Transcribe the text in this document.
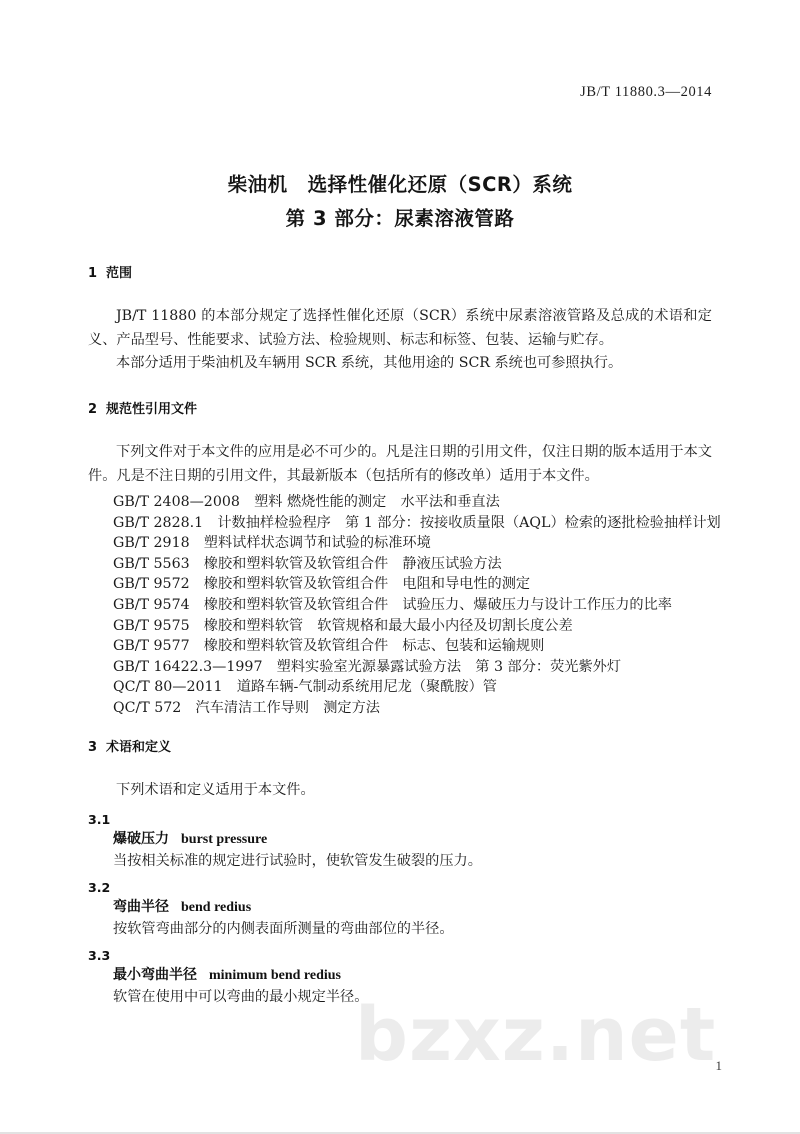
JB/T 11880.3—2014
柴油机　选择性催化还原（SCR）系统
第 3 部分：尿素溶液管路
1 范围
JB/T 11880 的本部分规定了选择性催化还原（SCR）系统中尿素溶液管路及总成的术语和定义、产品型号、性能要求、试验方法、检验规则、标志和标签、包装、运输与贮存。
本部分适用于柴油机及车辆用 SCR 系统，其他用途的 SCR 系统也可参照执行。
2 规范性引用文件
下列文件对于本文件的应用是必不可少的。凡是注日期的引用文件，仅注日期的版本适用于本文件。凡是不注日期的引用文件，其最新版本（包括所有的修改单）适用于本文件。
GB/T 2408—2008　塑料 燃烧性能的测定　水平法和垂直法
GB/T 2828.1　计数抽样检验程序　第 1 部分：按接收质量限（AQL）检索的逐批检验抽样计划
GB/T 2918　塑料试样状态调节和试验的标准环境
GB/T 5563　橡胶和塑料软管及软管组合件　静液压试验方法
GB/T 9572　橡胶和塑料软管及软管组合件　电阻和导电性的测定
GB/T 9574　橡胶和塑料软管及软管组合件　试验压力、爆破压力与设计工作压力的比率
GB/T 9575　橡胶和塑料软管　软管规格和最大最小内径及切割长度公差
GB/T 9577　橡胶和塑料软管及软管组合件　标志、包装和运输规则
GB/T 16422.3—1997　塑料实验室光源暴露试验方法　第 3 部分：荧光紫外灯
QC/T 80—2011　道路车辆-气制动系统用尼龙（聚酰胺）管
QC/T 572　汽车清洁工作导则　测定方法
3 术语和定义
下列术语和定义适用于本文件。
3.1
爆破压力 burst pressure
当按相关标准的规定进行试验时，使软管发生破裂的压力。
3.2
弯曲半径 bend redius
按软管弯曲部分的内侧表面所测量的弯曲部位的半径。
3.3
最小弯曲半径 minimum bend redius
软管在使用中可以弯曲的最小规定半径。
bzxz.net 1
